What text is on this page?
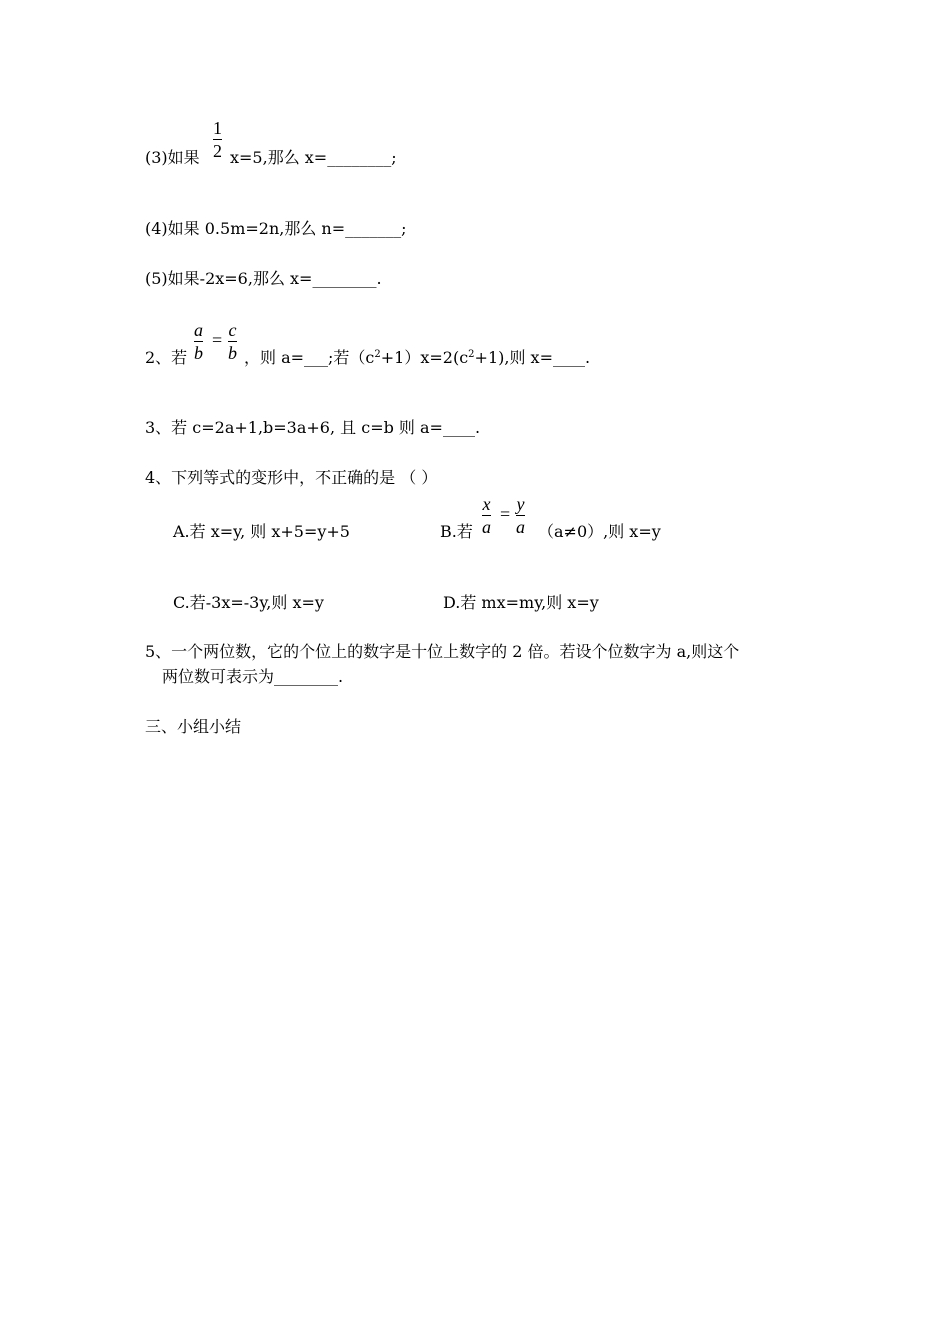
1
2
(3)如果 x=5,那么 x=________;
(4)如果 0.5m=2n,那么 n=_______;
(5)如果-2x=6,那么 x=________.
2、若
a
b
= c
b ，则 a=___;若$(c^2+1)x=2(c^2+1)$,则 x=____.
3、若 c=2a+1,b=3a+6, 且 c=b 则 a=____.
4、下列等式的变形中，不正确的是 （ ）
A.若 x=y, 则 x+5=y+5	B.若
x
a
= y
a （a≠0）,则 x=y
C.若-3x=-3y,则 x=y	D.若 mx=my,则 x=y
5、一个两位数，它的个位上的数字是十位上数字的 2 倍。若设个位数字为 a,则这个
两位数可表示为________.
三、小组小结
